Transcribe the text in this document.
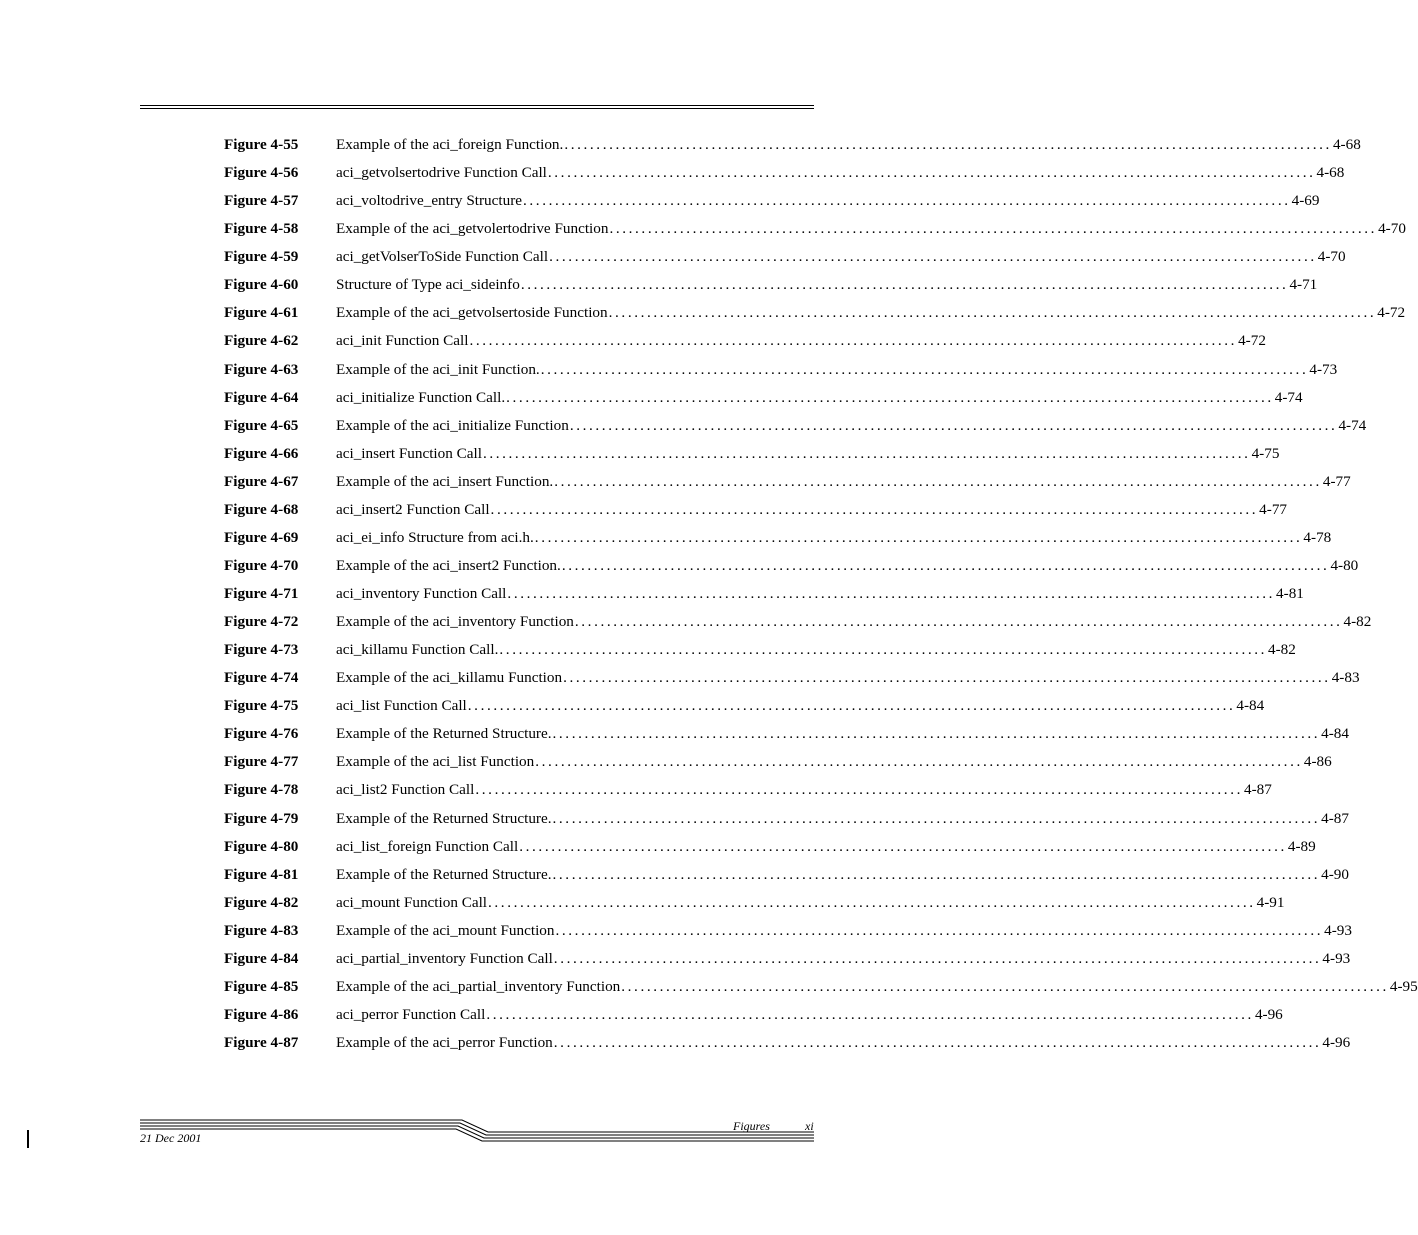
Figure 4-55 Example of the aci_foreign Function. ........................................................................................................................ 4-68
Figure 4-56 aci_getvolsertodrive Function Call ........................................................................................................................ 4-68
Figure 4-57 aci_voltodrive_entry Structure ........................................................................................................................ 4-69
Figure 4-58 Example of the aci_getvolertodrive Function ........................................................................................................................ 4-70
Figure 4-59 aci_getVolserToSide Function Call ........................................................................................................................ 4-70
Figure 4-60 Structure of Type aci_sideinfo ........................................................................................................................ 4-71
Figure 4-61 Example of the aci_getvolsertoside Function ........................................................................................................................ 4-72
Figure 4-62 aci_init Function Call ........................................................................................................................ 4-72
Figure 4-63 Example of the aci_init Function. ........................................................................................................................ 4-73
Figure 4-64 aci_initialize Function Call. ........................................................................................................................ 4-74
Figure 4-65 Example of the aci_initialize Function ........................................................................................................................ 4-74
Figure 4-66 aci_insert Function Call ........................................................................................................................ 4-75
Figure 4-67 Example of the aci_insert Function. ........................................................................................................................ 4-77
Figure 4-68 aci_insert2 Function Call ........................................................................................................................ 4-77
Figure 4-69 aci_ei_info Structure from aci.h. ........................................................................................................................ 4-78
Figure 4-70 Example of the aci_insert2 Function. ........................................................................................................................ 4-80
Figure 4-71 aci_inventory Function Call ........................................................................................................................ 4-81
Figure 4-72 Example of the aci_inventory Function ........................................................................................................................ 4-82
Figure 4-73 aci_killamu Function Call. ........................................................................................................................ 4-82
Figure 4-74 Example of the aci_killamu Function ........................................................................................................................ 4-83
Figure 4-75 aci_list Function Call ........................................................................................................................ 4-84
Figure 4-76 Example of the Returned Structure. ........................................................................................................................ 4-84
Figure 4-77 Example of the aci_list Function ........................................................................................................................ 4-86
Figure 4-78 aci_list2 Function Call ........................................................................................................................ 4-87
Figure 4-79 Example of the Returned Structure. ........................................................................................................................ 4-87
Figure 4-80 aci_list_foreign Function Call ........................................................................................................................ 4-89
Figure 4-81 Example of the Returned Structure. ........................................................................................................................ 4-90
Figure 4-82 aci_mount Function Call ........................................................................................................................ 4-91
Figure 4-83 Example of the aci_mount Function ........................................................................................................................ 4-93
Figure 4-84 aci_partial_inventory Function Call ........................................................................................................................ 4-93
Figure 4-85 Example of the aci_partial_inventory Function ........................................................................................................................ 4-95
Figure 4-86 aci_perror Function Call ........................................................................................................................ 4-96
Figure 4-87 Example of the aci_perror Function ........................................................................................................................ 4-96
Figures	xi
21 Dec 2001
